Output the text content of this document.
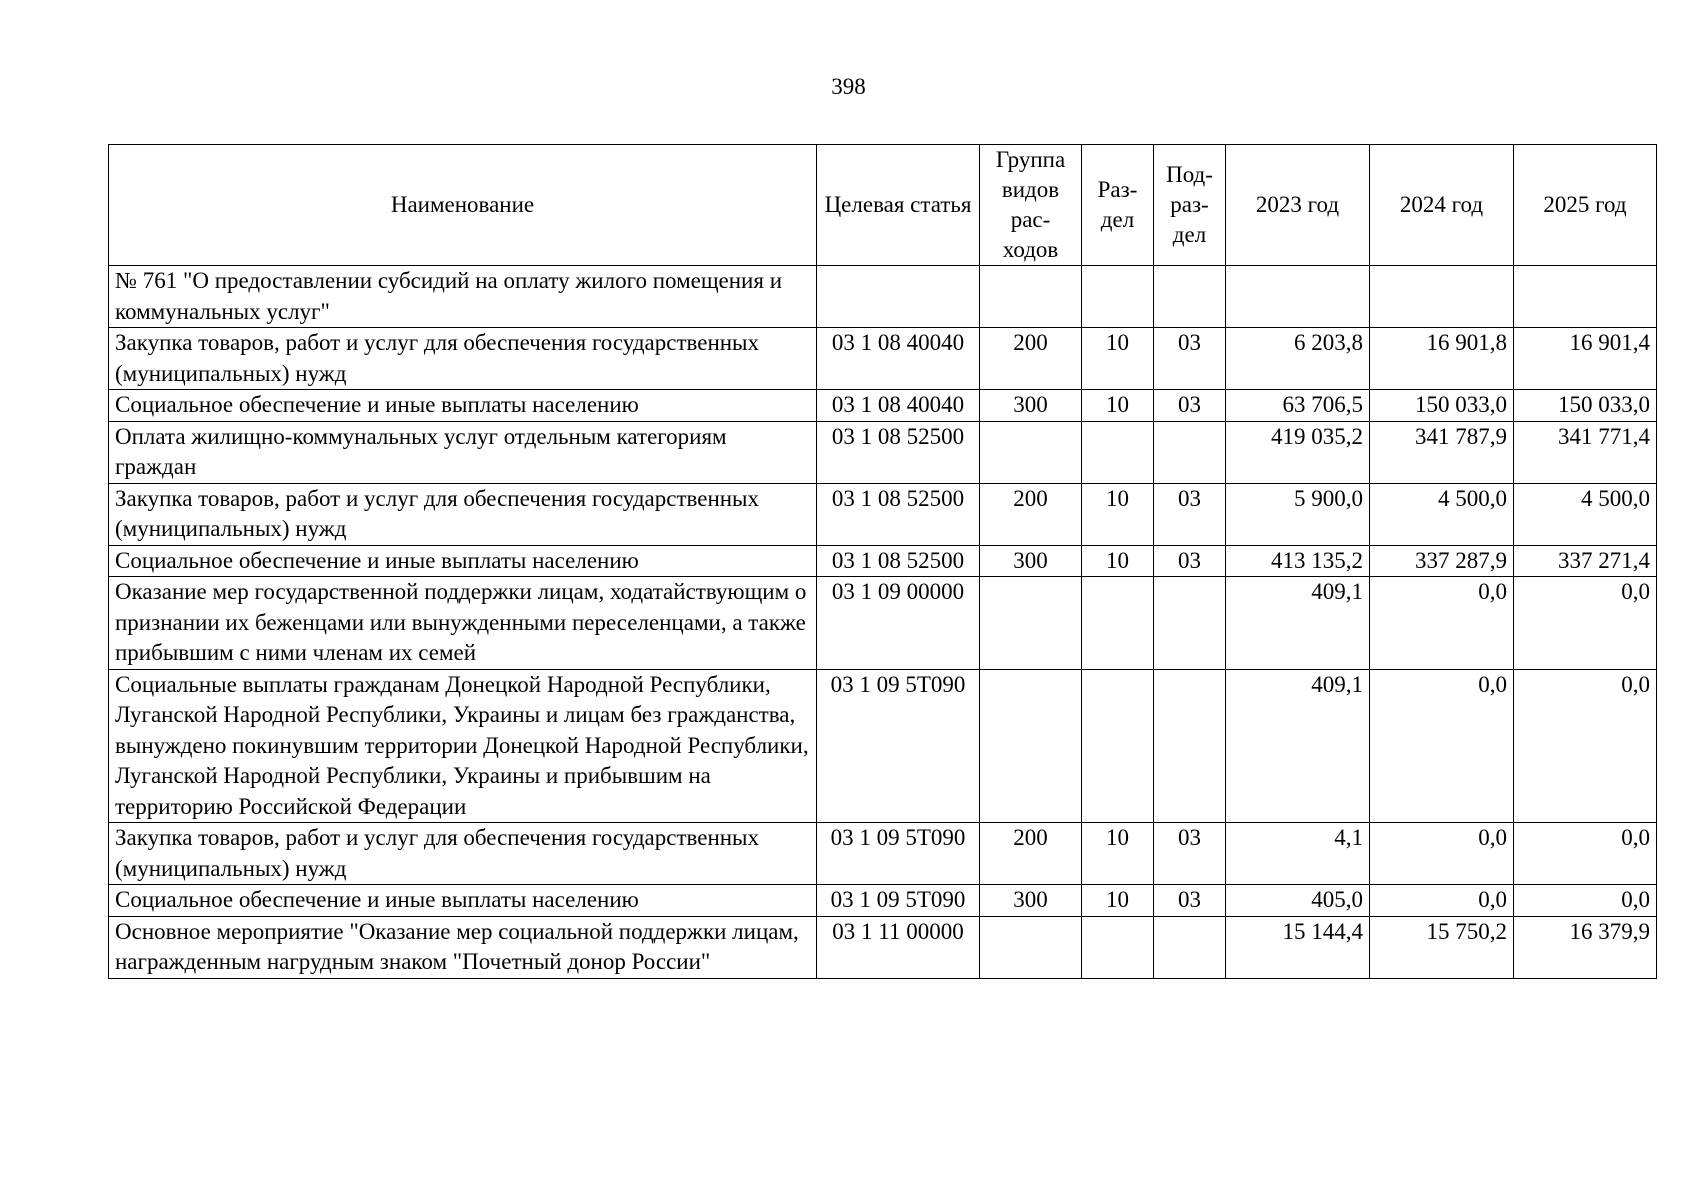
398
Наименование	Целевая статья	Группа видов рас-ходов	Раз-дел	Под-раз-дел	2023 год	2024 год	2025 год
№ 761 "О предоставлении субсидий на оплату жилого помещения и коммунальных услуг"							
Закупка товаров, работ и услуг для обеспечения государственных (муниципальных) нужд	03 1 08 40040	200	10	03	6 203,8	16 901,8	16 901,4
Социальное обеспечение и иные выплаты населению	03 1 08 40040	300	10	03	63 706,5	150 033,0	150 033,0
Оплата жилищно-коммунальных услуг отдельным категориям граждан	03 1 08 52500				419 035,2	341 787,9	341 771,4
Закупка товаров, работ и услуг для обеспечения государственных (муниципальных) нужд	03 1 08 52500	200	10	03	5 900,0	4 500,0	4 500,0
Социальное обеспечение и иные выплаты населению	03 1 08 52500	300	10	03	413 135,2	337 287,9	337 271,4
Оказание мер государственной поддержки лицам, ходатайствующим о признании их беженцами или вынужденными переселенцами, а также прибывшим с ними членам их семей	03 1 09 00000				409,1	0,0	0,0
Социальные выплаты гражданам Донецкой Народной Республики, Луганской Народной Республики, Украины и лицам без гражданства, вынуждено покинувшим территории Донецкой Народной Республики, Луганской Народной Республики, Украины и прибывшим на территорию Российской Федерации	03 1 09 5Т090				409,1	0,0	0,0
Закупка товаров, работ и услуг для обеспечения государственных (муниципальных) нужд	03 1 09 5Т090	200	10	03	4,1	0,0	0,0
Социальное обеспечение и иные выплаты населению	03 1 09 5Т090	300	10	03	405,0	0,0	0,0
Основное мероприятие "Оказание мер социальной поддержки лицам, награжденным нагрудным знаком "Почетный донор России"	03 1 11 00000				15 144,4	15 750,2	16 379,9
